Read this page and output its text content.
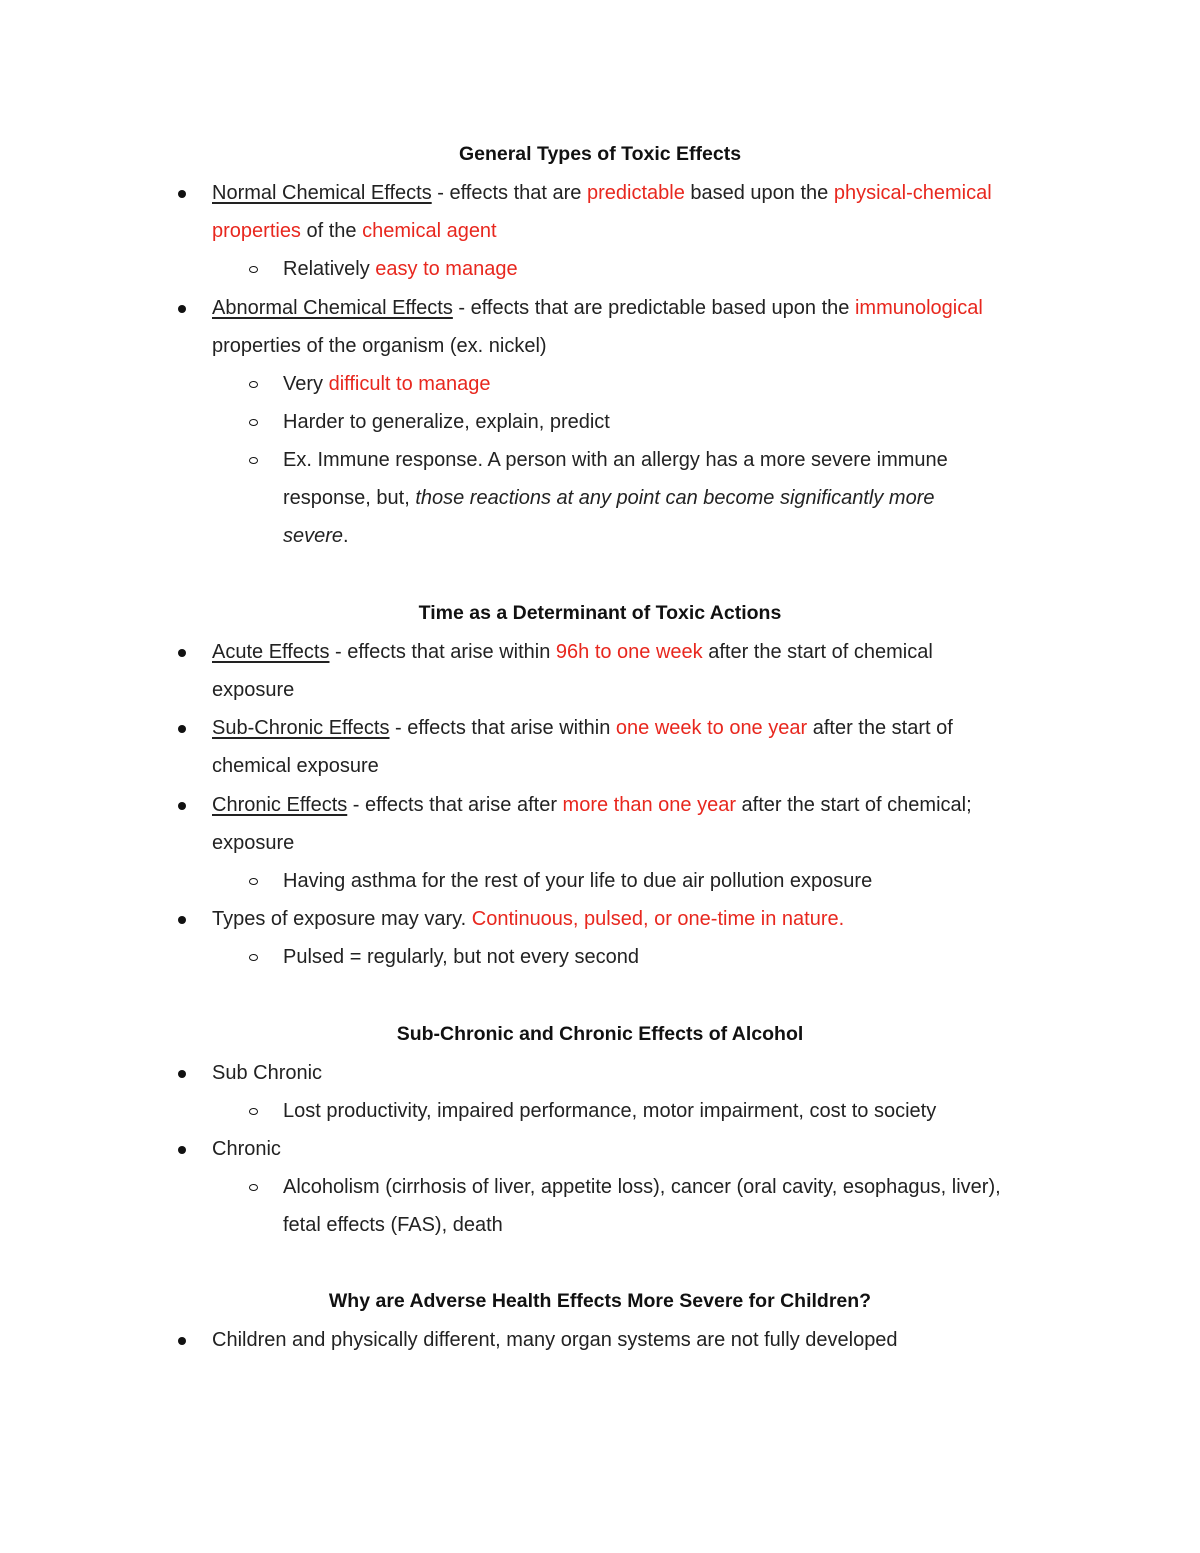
General Types of Toxic Effects
Normal Chemical Effects - effects that are predictable based upon the physical-chemical
properties of the chemical agent
Relatively easy to manage
Abnormal Chemical Effects - effects that are predictable based upon the immunological
properties of the organism (ex. nickel)
Very difficult to manage
Harder to generalize, explain, predict
Ex. Immune response. A person with an allergy has a more severe immune
response, but, those reactions at any point can become significantly more
severe.
Time as a Determinant of Toxic Actions
Acute Effects - effects that arise within 96h to one week after the start of chemical
exposure
Sub-Chronic Effects - effects that arise within one week to one year after the start of
chemical exposure
Chronic Effects - effects that arise after more than one year after the start of chemical;
exposure
Having asthma for the rest of your life to due air pollution exposure
Types of exposure may vary. Continuous, pulsed, or one-time in nature.
Pulsed = regularly, but not every second
Sub-Chronic and Chronic Effects of Alcohol
Sub Chronic
Lost productivity, impaired performance, motor impairment, cost to society
Chronic
Alcoholism (cirrhosis of liver, appetite loss), cancer (oral cavity, esophagus, liver),
fetal effects (FAS), death
Why are Adverse Health Effects More Severe for Children?
Children and physically different, many organ systems are not fully developed
